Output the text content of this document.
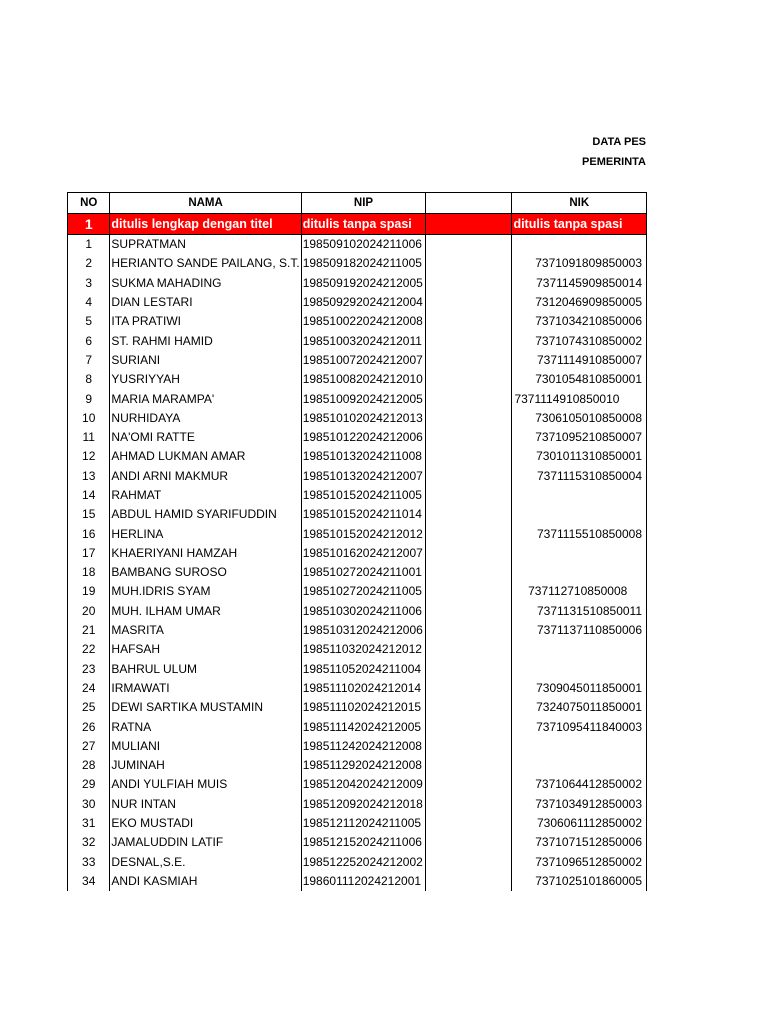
DATA PES
PEMERINTA
NO	NAMA	NIP		NIK
1	ditulis lengkap dengan titel	ditulis tanpa spasi		ditulis tanpa spasi
1	SUPRATMAN	198509102024211006		
2	HERIANTO SANDE PAILANG, S.T.	198509182024211005		7371091809850003
3	SUKMA MAHADING	198509192024212005		7371145909850014
4	DIAN LESTARI	198509292024212004		7312046909850005
5	ITA PRATIWI	198510022024212008		7371034210850006
6	ST. RAHMI HAMID	198510032024212011		7371074310850002
7	SURIANI	198510072024212007		7371114910850007
8	YUSRIYYAH	198510082024212010		7301054810850001
9	MARIA MARAMPA'	198510092024212005		7371114910850010
10	NURHIDAYA	198510102024212013		7306105010850008
11	NA'OMI RATTE	198510122024212006		7371095210850007
12	AHMAD LUKMAN AMAR	198510132024211008		7301011310850001
13	ANDI ARNI MAKMUR	198510132024212007		7371115310850004
14	RAHMAT	198510152024211005		
15	ABDUL HAMID SYARIFUDDIN	198510152024211014		
16	HERLINA	198510152024212012		7371115510850008
17	KHAERIYANI HAMZAH	198510162024212007		
18	BAMBANG SUROSO	198510272024211001		
19	MUH.IDRIS SYAM	198510272024211005		737112710850008
20	MUH. ILHAM UMAR	198510302024211006		7371131510850011
21	MASRITA	198510312024212006		7371137110850006
22	HAFSAH	198511032024212012		
23	BAHRUL ULUM	198511052024211004		
24	IRMAWATI	198511102024212014		7309045011850001
25	DEWI SARTIKA MUSTAMIN	198511102024212015		7324075011850001
26	RATNA	198511142024212005		7371095411840003
27	MULIANI	198511242024212008		
28	JUMINAH	198511292024212008		
29	ANDI YULFIAH MUIS	198512042024212009		7371064412850002
30	NUR INTAN	198512092024212018		7371034912850003
31	EKO MUSTADI	198512112024211005		7306061112850002
32	JAMALUDDIN LATIF	198512152024211006		7371071512850006
33	DESNAL,S.E.	198512252024212002		7371096512850002
34	ANDI KASMIAH	198601112024212001		7371025101860005
